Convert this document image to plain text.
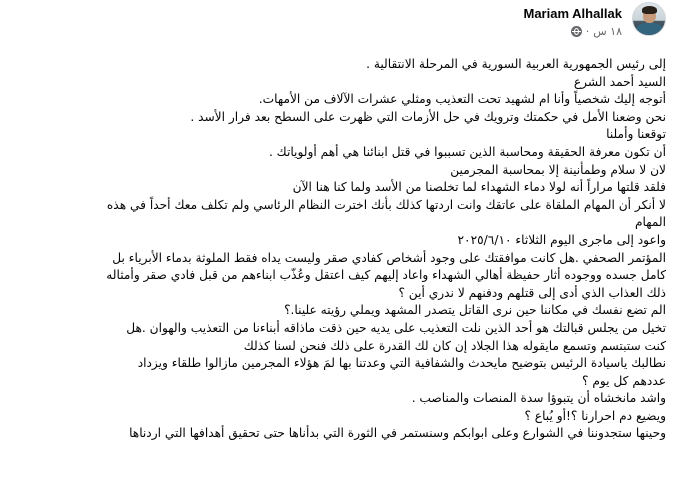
Mariam Alhallak
١٨ س
·

إلى رئيس الجمهورية العربية السورية في المرحلة الانتقالية .

السيد أحمد الشرع

أتوجه إليك شخصياً وأنا ام لشهيد تحت التعذيب ومثلي عشرات الآلاف من الأمهات.

نحن وضعنا الأمل في حكمتك وترويك في حل الأزمات التي ظهرت على السطح بعد فرار الأسد .

توقعنا وأملنا

أن تكون معرفة الحقيقة ومحاسبة الذين تسببوا في قتل ابنائنا هي أهم أولوياتك .

لان لا سلام وطمأنينة إلا بمحاسبة المجرمين

فلقد قلتها مراراً أنه لولا دماء الشهداء لما تخلصنا من الأسد ولما كنا هنا الآن

لا أنكر أن المهام الملقاة على عاتقك وانت اردتها كذلك بأنك اخترت النظام الرئاسي ولم تكلف معك أحداً في هذه

المهام

واعود إلى ماجرى اليوم الثلاثاء ٢٠٢٥/٦/١٠

المؤتمر الصحفي .هل كانت موافقتك على وجود أشخاص كفادي صقر وليست يداه فقط الملوثة بدماء الأبرياء بل

كامل جسده ووجوده أثار حفيظة أهالي الشهداء واعاد إليهم كيف اعتقل وعُذّب ابناءهم من قبل فادي صقر وأمثاله

ذلك العذاب الذي أدى إلى قتلهم ودفنهم لا ندري أين ؟

الم تضع نفسك في مكاننا حين نرى القاتل يتصدر المشهد ويملي رؤيته علينا.؟

تخيل من يجلس قبالتك هو أحد الذين نلت التعذيب على يديه حين ذقت ماذاقه أبناءنا من التعذيب والهوان .هل

كنت ستبتسم وتسمع مايقوله هذا الجلاد إن كان لك القدرة على ذلك فنحن لسنا كذلك

نطالبك ياسيادة الرئيس بتوضيح مايحدث والشفافية التي وعدتنا بها لمَ هؤلاء المجرمين مازالوا طلقاء ويزداد

عددهم كل يوم ؟

واشد مانخشاه أن يتبوؤا سدة المنصات والمناصب .

ويضيع دم احرارنا ؟!أو يُباع ؟

وحينها ستجدوننا في الشوارع وعلى ابوابكم وسنستمر في الثورة التي بدأناها حتى تحقيق أهدافها التي اردناها
